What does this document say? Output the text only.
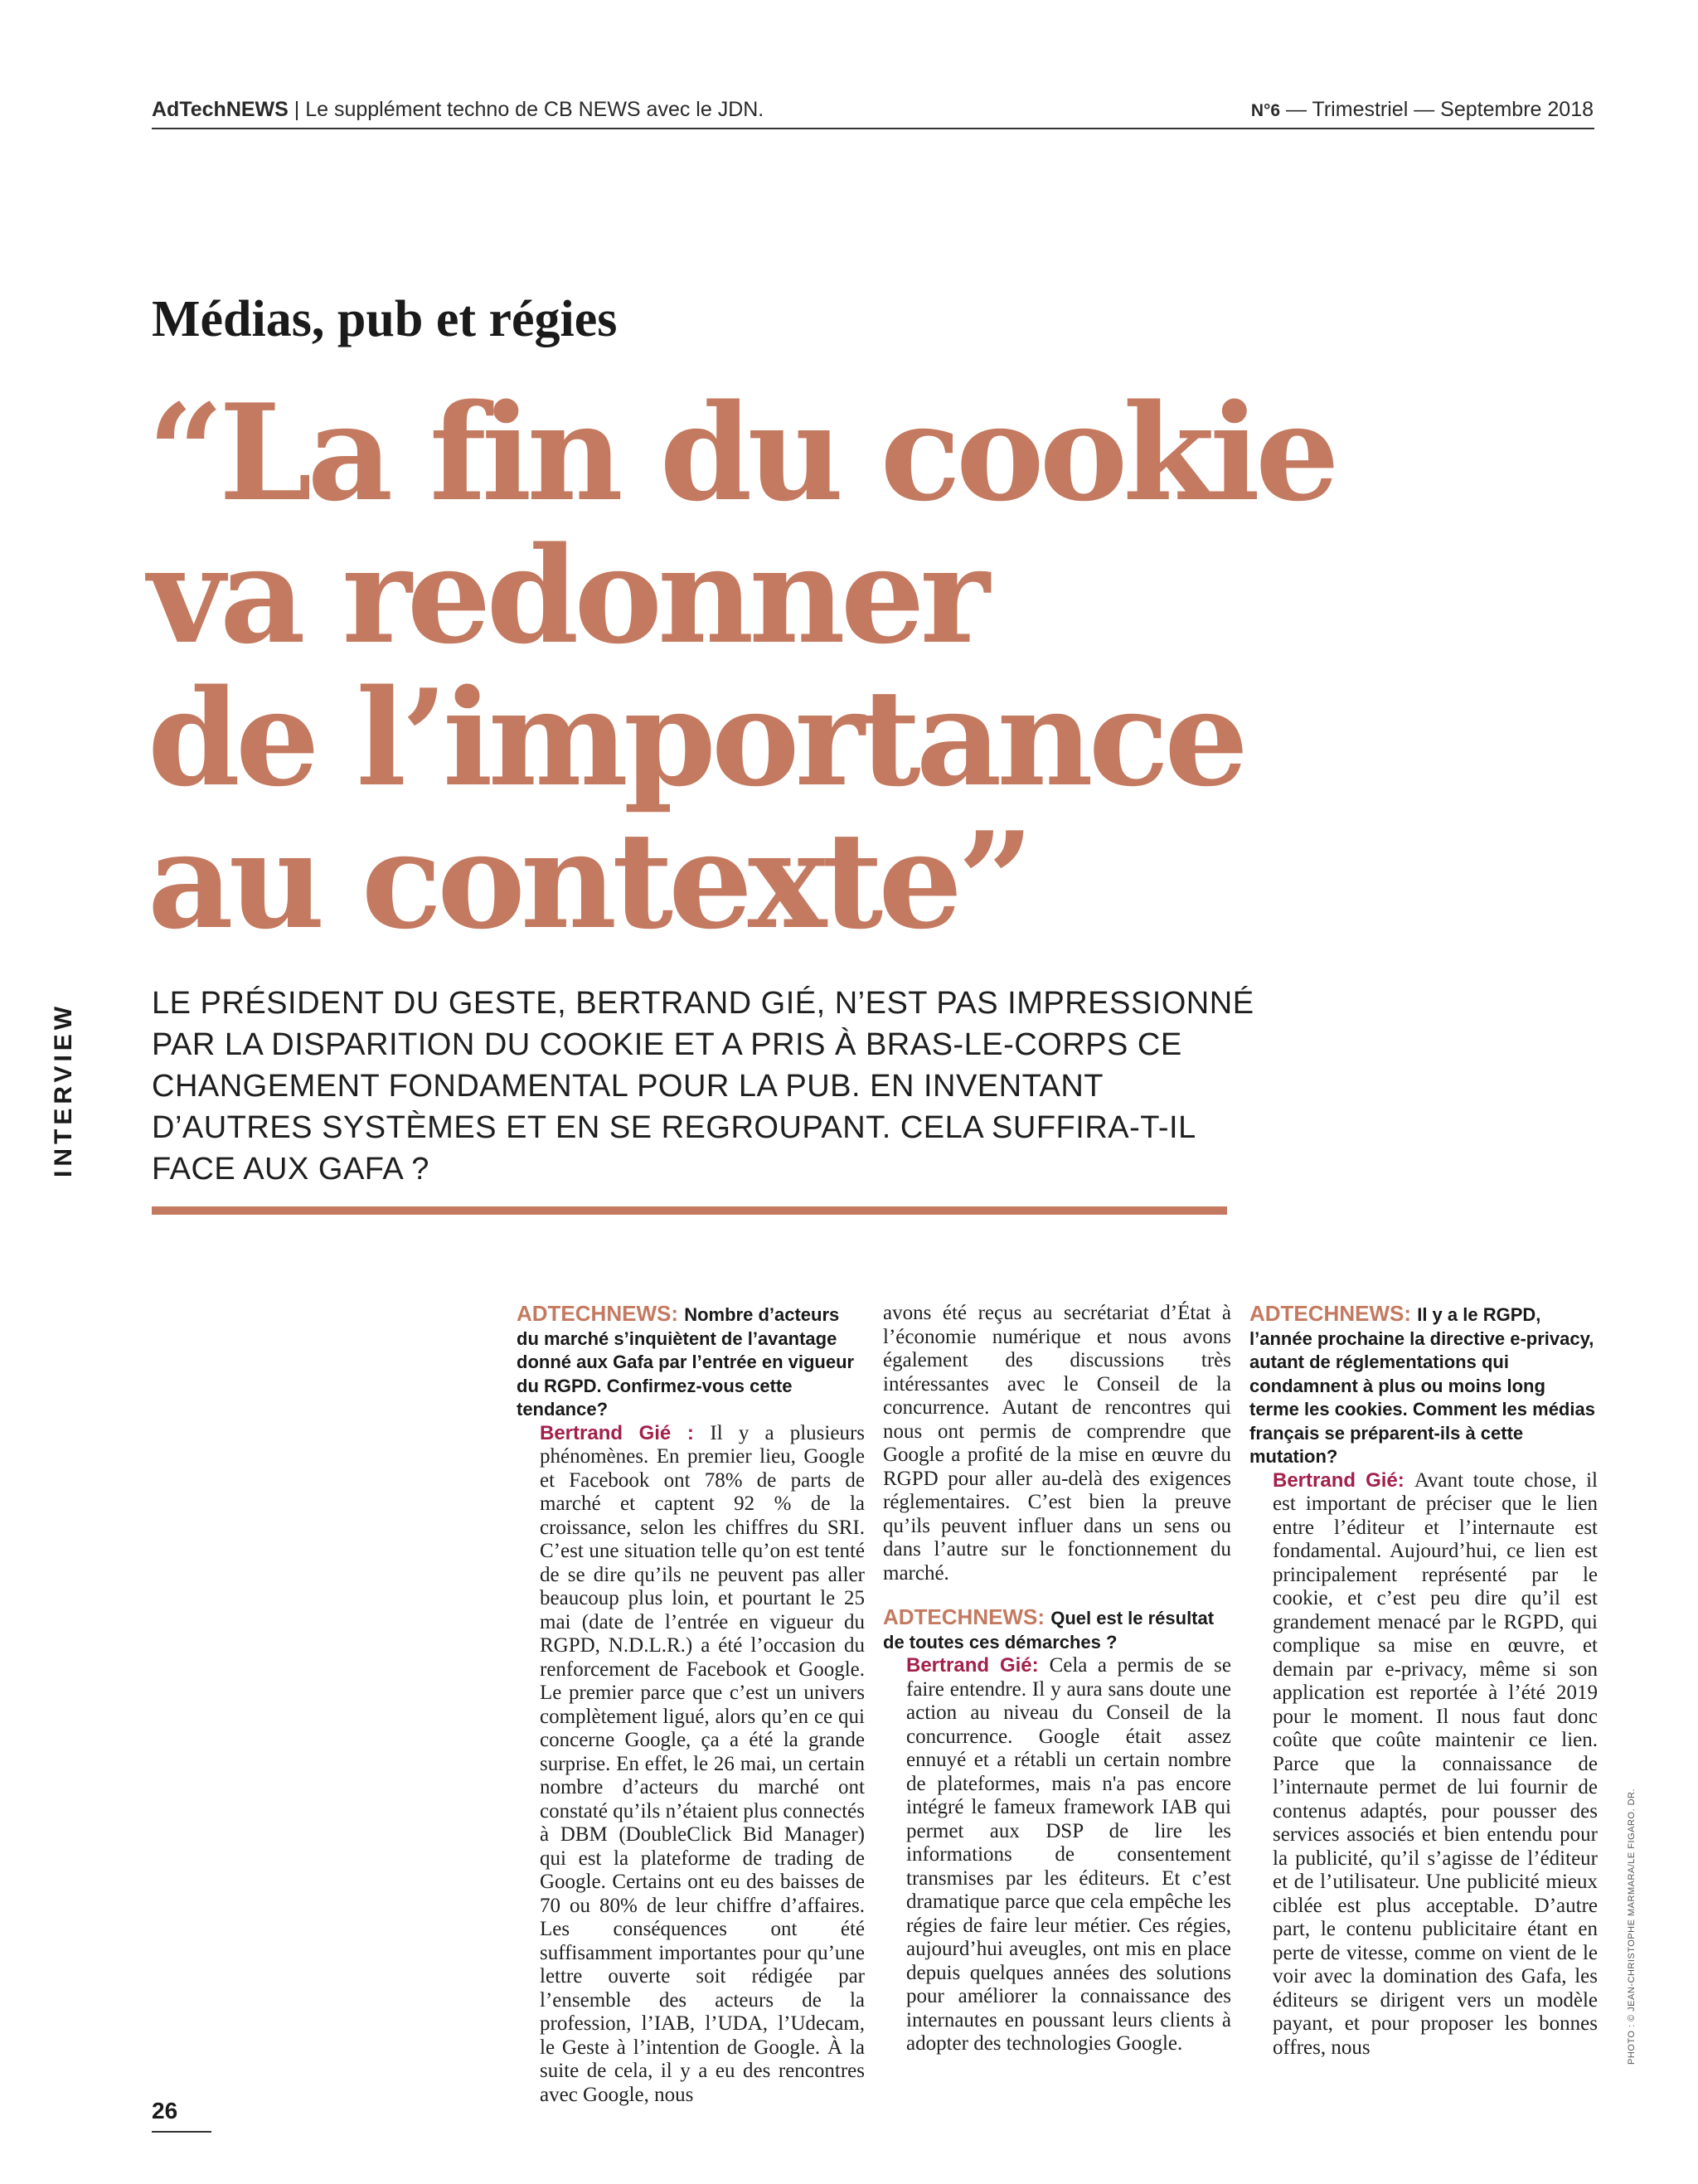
AdTechNEWS | Le supplément techno de CB NEWS avec le JDN.	N°6 — Trimestriel — Septembre 2018
Médias, pub et régies
“La fin du cookie
va redonner
de l’importance
au contexte”
INTERVIEW LE PRÉSIDENT DU GESTE, BERTRAND GIÉ, N’EST PAS IMPRESSIONNÉ PAR LA DISPARITION DU COOKIE ET A PRIS À BRAS-LE-CORPS CE CHANGEMENT FONDAMENTAL POUR LA PUB. EN INVENTANT D’AUTRES SYSTÈMES ET EN SE REGROUPANT. CELA SUFFIRA-T-IL FACE AUX GAFA ?

ADTECHNEWS: Nombre d’acteurs du marché s’inquiètent de l’avantage donné aux Gafa par l’entrée en vigueur du RGPD. Confirmez-vous cette tendance?

Bertrand Gié : Il y a plusieurs phénomènes. En premier lieu, Google et Facebook ont 78% de parts de marché et captent 92 % de la croissance, selon les chiffres du SRI. C’est une situation telle qu’on est tenté de se dire qu’ils ne peuvent pas aller beaucoup plus loin, et pourtant le 25 mai (date de l’entrée en vigueur du RGPD, N.D.L.R.) a été l’occasion du renforcement de Facebook et Google. Le premier parce que c’est un univers complètement ligué, alors qu’en ce qui concerne Google, ça a été la grande surprise. En effet, le 26 mai, un certain nombre d’acteurs du marché ont constaté qu’ils n’étaient plus connectés à DBM (DoubleClick Bid Manager) qui est la plateforme de trading de Google. Certains ont eu des baisses de 70 ou 80% de leur chiffre d’affaires. Les conséquences ont été suffisamment importantes pour qu’une lettre ouverte soit rédigée par l’ensemble des acteurs de la profession, l’IAB, l’UDA, l’Udecam, le Geste à l’intention de Google. À la suite de cela, il y a eu des rencontres avec Google, nous

avons été reçus au secrétariat d’État à l’économie numérique et nous avons également des discussions très intéressantes avec le Conseil de la concurrence. Autant de rencontres qui nous ont permis de comprendre que Google a profité de la mise en œuvre du RGPD pour aller au-delà des exigences réglementaires. C’est bien la preuve qu’ils peuvent influer dans un sens ou dans l’autre sur le fonctionnement du marché.

ADTECHNEWS: Quel est le résultat de toutes ces démarches ?

Bertrand Gié: Cela a permis de se faire entendre. Il y aura sans doute une action au niveau du Conseil de la concurrence. Google était assez ennuyé et a rétabli un certain nombre de plateformes, mais n'a pas encore intégré le fameux framework IAB qui permet aux DSP de lire les informations de consentement transmises par les éditeurs. Et c’est dramatique parce que cela empêche les régies de faire leur métier. Ces régies, aujourd’hui aveugles, ont mis en place depuis quelques années des solutions pour améliorer la connaissance des internautes en poussant leurs clients à adopter des technologies Google.

ADTECHNEWS: Il y a le RGPD, l’année prochaine la directive e-privacy, autant de réglementations qui condamnent à plus ou moins long terme les cookies. Comment les médias français se préparent-ils à cette mutation?

Bertrand Gié: Avant toute chose, il est important de préciser que le lien entre l’éditeur et l’internaute est fondamental. Aujourd’hui, ce lien est principalement représenté par le cookie, et c’est peu dire qu’il est grandement menacé par le RGPD, qui complique sa mise en œuvre, et demain par e-privacy, même si son application est reportée à l’été 2019 pour le moment. Il nous faut donc coûte que coûte maintenir ce lien. Parce que la connaissance de l’internaute permet de lui fournir de contenus adaptés, pour pousser des services associés et bien entendu pour la publicité, qu’il s’agisse de l’éditeur et de l’utilisateur. Une publicité mieux ciblée est plus acceptable. D’autre part, le contenu publicitaire étant en perte de vitesse, comme on vient de le voir avec la domination des Gafa, les éditeurs se dirigent vers un modèle payant, et pour proposer les bonnes offres, nous	PHOTO : © JEAN-CHRISTOPHE MARMARA/LE FIGARO. DR.
26
